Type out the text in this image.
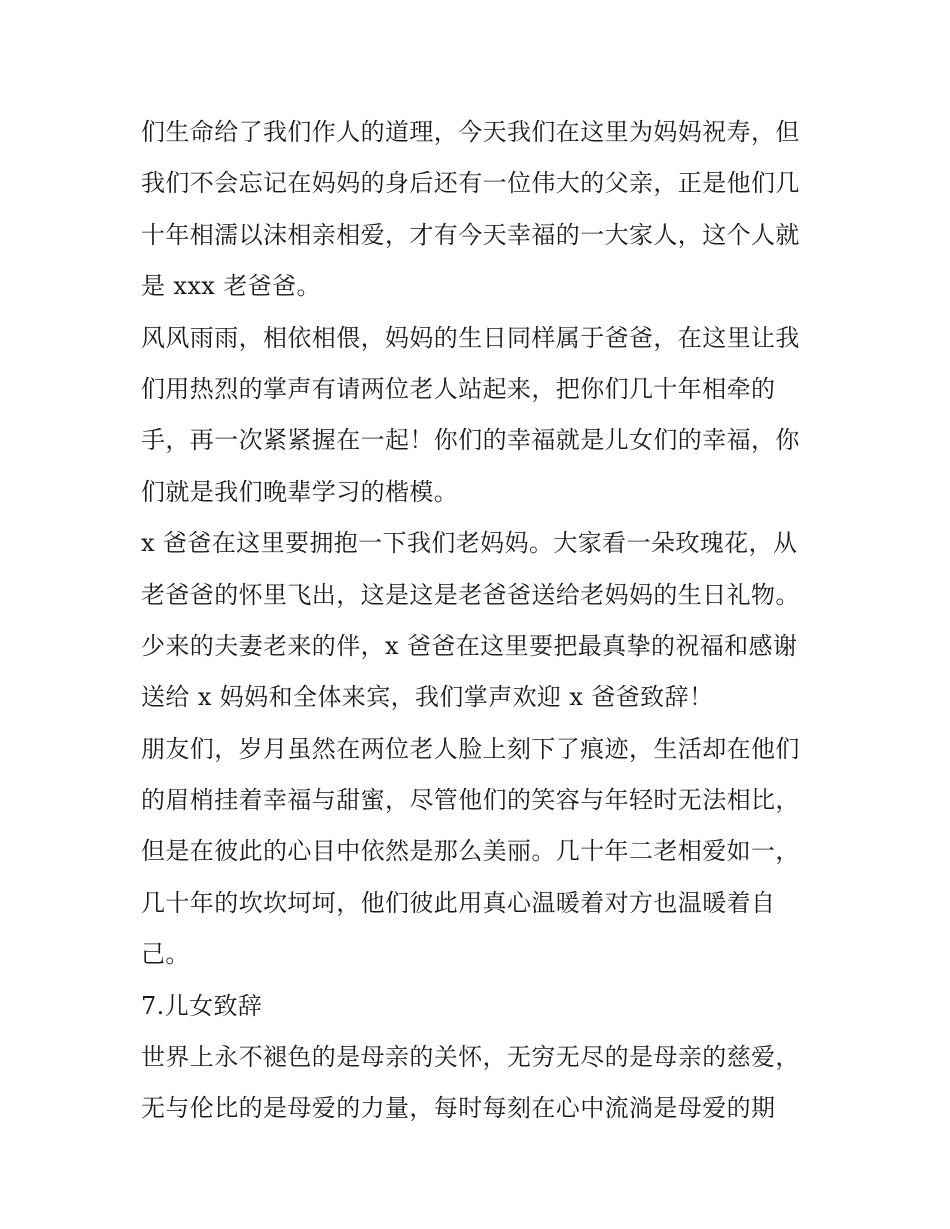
们生命给了我们作人的道理，今天我们在这里为妈妈祝寿，但
我们不会忘记在妈妈的身后还有一位伟大的父亲，正是他们几
十年相濡以沫相亲相爱，才有今天幸福的一大家人，这个人就
是 xxx 老爸爸。
风风雨雨，相依相偎，妈妈的生日同样属于爸爸，在这里让我
们用热烈的掌声有请两位老人站起来，把你们几十年相牵的
手，再一次紧紧握在一起！你们的幸福就是儿女们的幸福，你
们就是我们晚辈学习的楷模。
x 爸爸在这里要拥抱一下我们老妈妈。大家看一朵玫瑰花，从
老爸爸的怀里飞出，这是这是老爸爸送给老妈妈的生日礼物。
少来的夫妻老来的伴，x 爸爸在这里要把最真挚的祝福和感谢
送给 x 妈妈和全体来宾，我们掌声欢迎 x 爸爸致辞！
朋友们，岁月虽然在两位老人脸上刻下了痕迹，生活却在他们
的眉梢挂着幸福与甜蜜，尽管他们的笑容与年轻时无法相比，
但是在彼此的心目中依然是那么美丽。几十年二老相爱如一，
几十年的坎坎坷坷，他们彼此用真心温暖着对方也温暖着自
己。
7.儿女致辞
世界上永不褪色的是母亲的关怀，无穷无尽的是母亲的慈爱，
无与伦比的是母爱的力量，每时每刻在心中流淌是母爱的期
